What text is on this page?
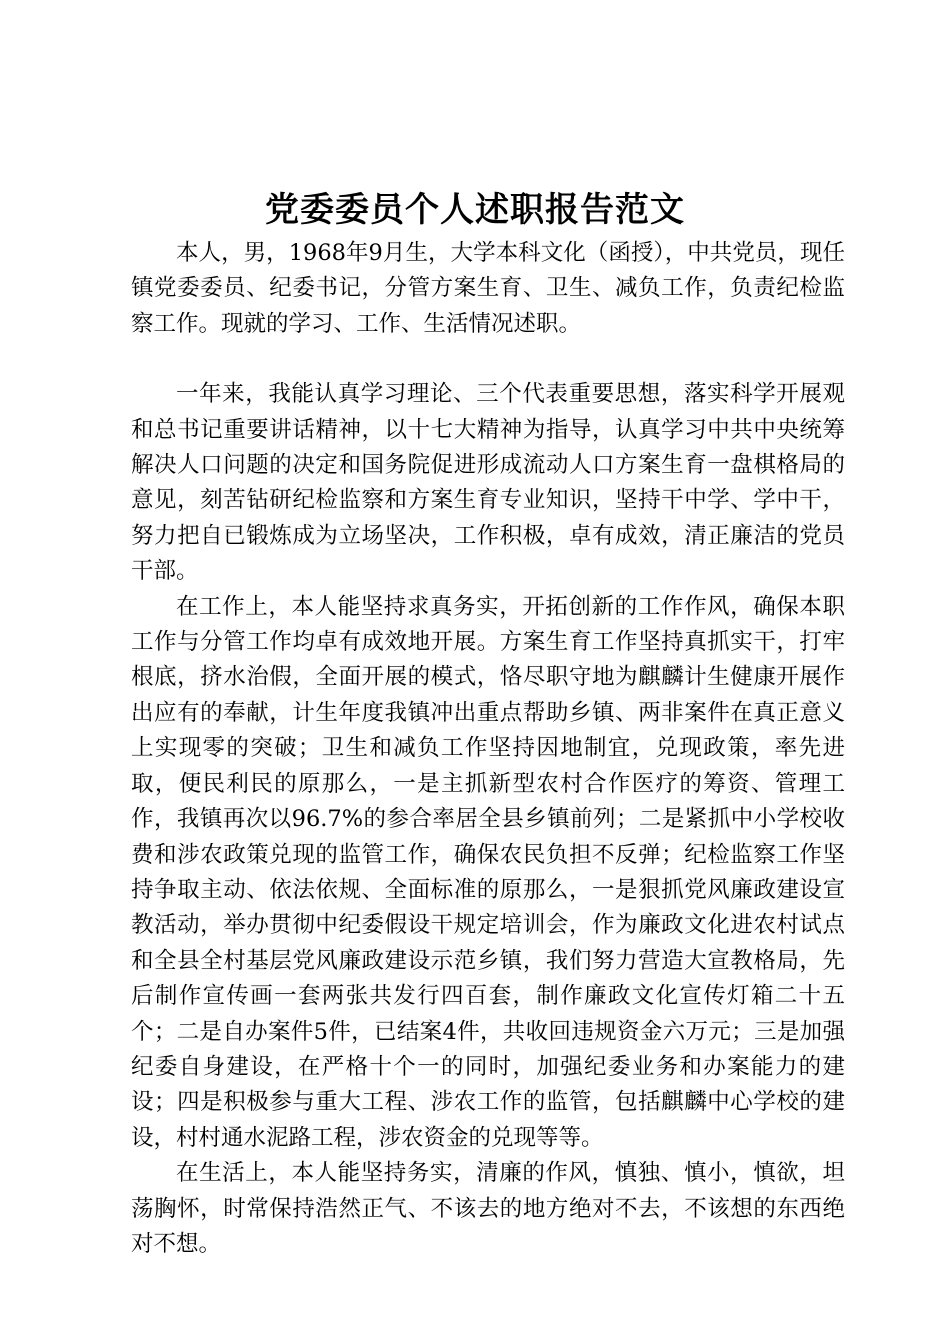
党委委员个人述职报告范文

本人，男，1968年9月生，大学本科文化（函授），中共党员，现任镇党委委员、纪委书记，分管方案生育、卫生、减负工作，负责纪检监察工作。现就的学习、工作、生活情况述职。

一年来，我能认真学习理论、三个代表重要思想，落实科学开展观和总书记重要讲话精神，以十七大精神为指导，认真学习中共中央统筹解决人口问题的决定和国务院促进形成流动人口方案生育一盘棋格局的意见，刻苦钻研纪检监察和方案生育专业知识，坚持干中学、学中干，努力把自已锻炼成为立场坚决，工作积极，卓有成效，清正廉洁的党员干部。

在工作上，本人能坚持求真务实，开拓创新的工作作风，确保本职工作与分管工作均卓有成效地开展。方案生育工作坚持真抓实干，打牢根底，挤水治假，全面开展的模式，恪尽职守地为麒麟计生健康开展作出应有的奉献，计生年度我镇冲出重点帮助乡镇、两非案件在真正意义上实现零的突破；卫生和减负工作坚持因地制宜，兑现政策，率先进取，便民利民的原那么，一是主抓新型农村合作医疗的筹资、管理工作，我镇再次以96.7%的参合率居全县乡镇前列；二是紧抓中小学校收费和涉农政策兑现的监管工作，确保农民负担不反弹；纪检监察工作坚持争取主动、依法依规、全面标准的原那么，一是狠抓党风廉政建设宣教活动，举办贯彻中纪委假设干规定培训会，作为廉政文化进农村试点和全县全村基层党风廉政建设示范乡镇，我们努力营造大宣教格局，先后制作宣传画一套两张共发行四百套，制作廉政文化宣传灯箱二十五个；二是自办案件5件，已结案4件，共收回违规资金六万元；三是加强纪委自身建设，在严格十个一的同时，加强纪委业务和办案能力的建设；四是积极参与重大工程、涉农工作的监管，包括麒麟中心学校的建设，村村通水泥路工程，涉农资金的兑现等等。

在生活上，本人能坚持务实，清廉的作风，慎独、慎小，慎欲，坦荡胸怀，时常保持浩然正气、不该去的地方绝对不去，不该想的东西绝对不想。
